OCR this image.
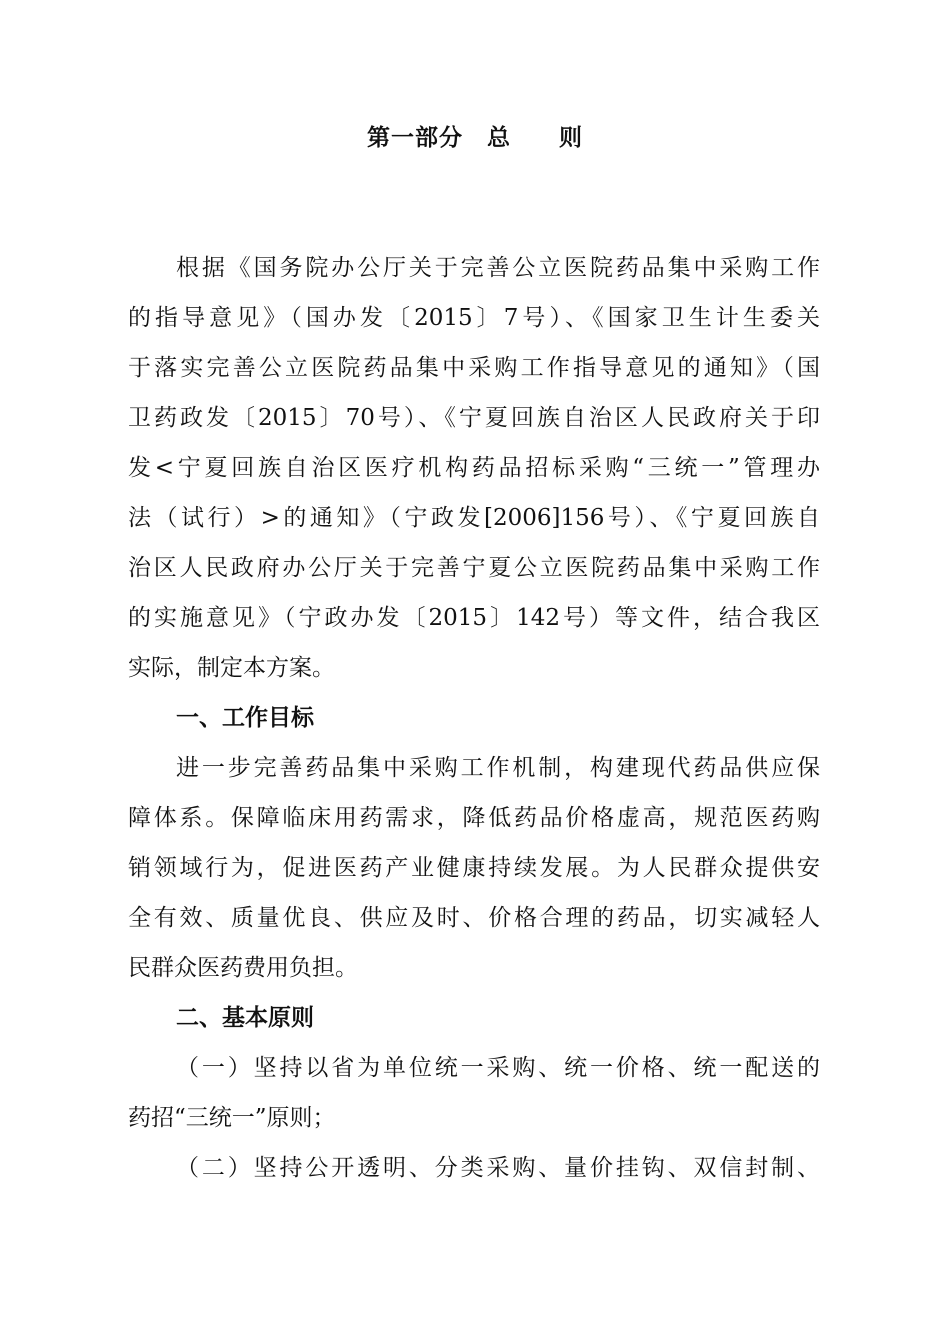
第一部分　总　　则
根据《国务院办公厅关于完善公立医院药品集中采购工作
的指导意见》（国办发〔2015〕7号）、《国家卫生计生委关
于落实完善公立医院药品集中采购工作指导意见的通知》（国
卫药政发〔2015〕70号）、《宁夏回族自治区人民政府关于印
发<宁夏回族自治区医疗机构药品招标采购“三统一”管理办
法（试行）>的通知》（宁政发[2006]156号）、《宁夏回族自
治区人民政府办公厅关于完善宁夏公立医院药品集中采购工作
的实施意见》（宁政办发〔2015〕142号）等文件，结合我区
实际，制定本方案。
一、工作目标
进一步完善药品集中采购工作机制，构建现代药品供应保
障体系。保障临床用药需求，降低药品价格虚高，规范医药购
销领域行为，促进医药产业健康持续发展。为人民群众提供安
全有效、质量优良、供应及时、价格合理的药品，切实减轻人
民群众医药费用负担。
二、基本原则
（一）坚持以省为单位统一采购、统一价格、统一配送的
药招“三统一”原则；
（二）坚持公开透明、分类采购、量价挂钩、双信封制、
